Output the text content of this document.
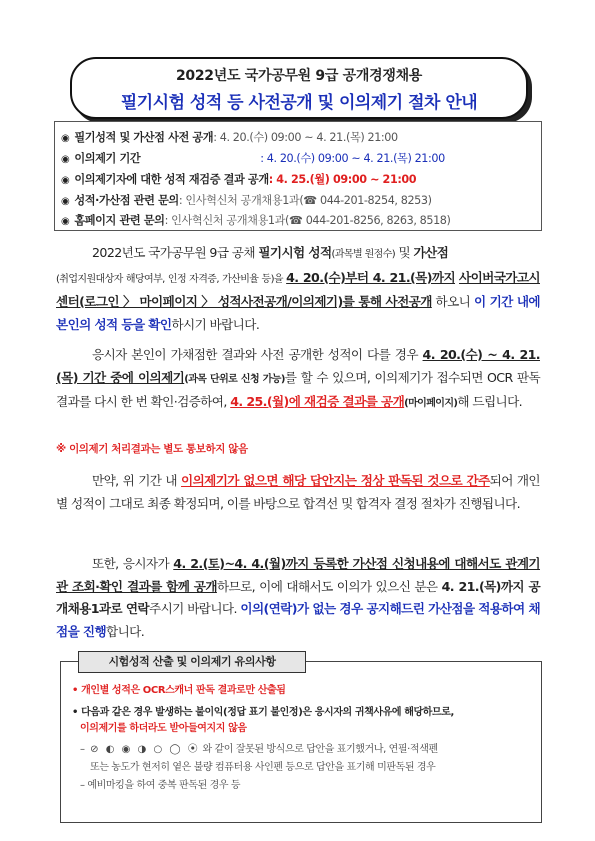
2022년도 국가공무원 9급 공개경쟁채용
필기시험 성적 등 사전공개 및 이의제기 절차 안내
◉ 필기성적 및 가산점 사전 공개: 4. 20.(수) 09:00 ~ 4. 21.(목) 21:00
◉ 이의제기 기간	: 4. 20.(수) 09:00 ~ 4. 21.(목) 21:00
◉ 이의제기자에 대한 성적 재검증 결과 공개: 4. 25.(월) 09:00 ~ 21:00
◉ 성적·가산점 관련 문의: 인사혁신처 공개채용1과(☎ 044-201-8254, 8253)
◉ 홈페이지 관련 문의: 인사혁신처 공개채용1과(☎ 044-201-8256, 8263, 8518)
2022년도 국가공무원 9급 공채 필기시험 성적(과목별 원점수) 및 가산점
(취업지원대상자 해당여부, 인정 자격증, 가산비율 등)을 4. 20.(수)부터 4. 21.(목)까지 사이버국가고시센터(로그인 〉 마이페이지 〉 성적사전공개/이의제기)를 통해 사전공개 하오니 이 기간 내에 본인의 성적 등을 확인하시기 바랍니다.
응시자 본인이 가채점한 결과와 사전 공개한 성적이 다를 경우 4. 20.(수) ~ 4. 21.(목) 기간 중에 이의제기(과목 단위로 신청 가능)를 할 수 있으며, 이의제기가 접수되면 OCR 판독결과를 다시 한 번 확인·검증하여, 4. 25.(월)에 재검증 결과를 공개(마이페이지)해 드립니다.
※ 이의제기 처리결과는 별도 통보하지 않음
만약, 위 기간 내 이의제기가 없으면 해당 답안지는 정상 판독된 것으로 간주되어 개인별 성적이 그대로 최종 확정되며, 이를 바탕으로 합격선 및 합격자 결정 절차가 진행됩니다.
또한, 응시자가 4. 2.(토)~4. 4.(월)까지 등록한 가산점 신청내용에 대해서도 관계기관 조회·확인 결과를 함께 공개하므로, 이에 대해서도 이의가 있으신 분은 4. 21.(목)까지 공개채용1과로 연락주시기 바랍니다. 이의(연락)가 없는 경우 공지해드린 가산점을 적용하여 채점을 진행합니다.
시험성적 산출 및 이의제기 유의사항
• 개인별 성적은 OCR스캐너 판독 결과로만 산출됨
• 다음과 같은 경우 발생하는 불이익(정답 표기 불인정)은 응시자의 귀책사유에 해당하므로,
이의제기를 하더라도 받아들여지지 않음
– ⊘ ◐ ◉ ◑ ○ ◯ ⦿ 와 같이 잘못된 방식으로 답안을 표기했거나, 연필·적색펜
또는 농도가 현저히 옅은 불량 컴퓨터용 사인펜 등으로 답안을 표기해 미판독된 경우
– 예비마킹을 하여 중복 판독된 경우 등
